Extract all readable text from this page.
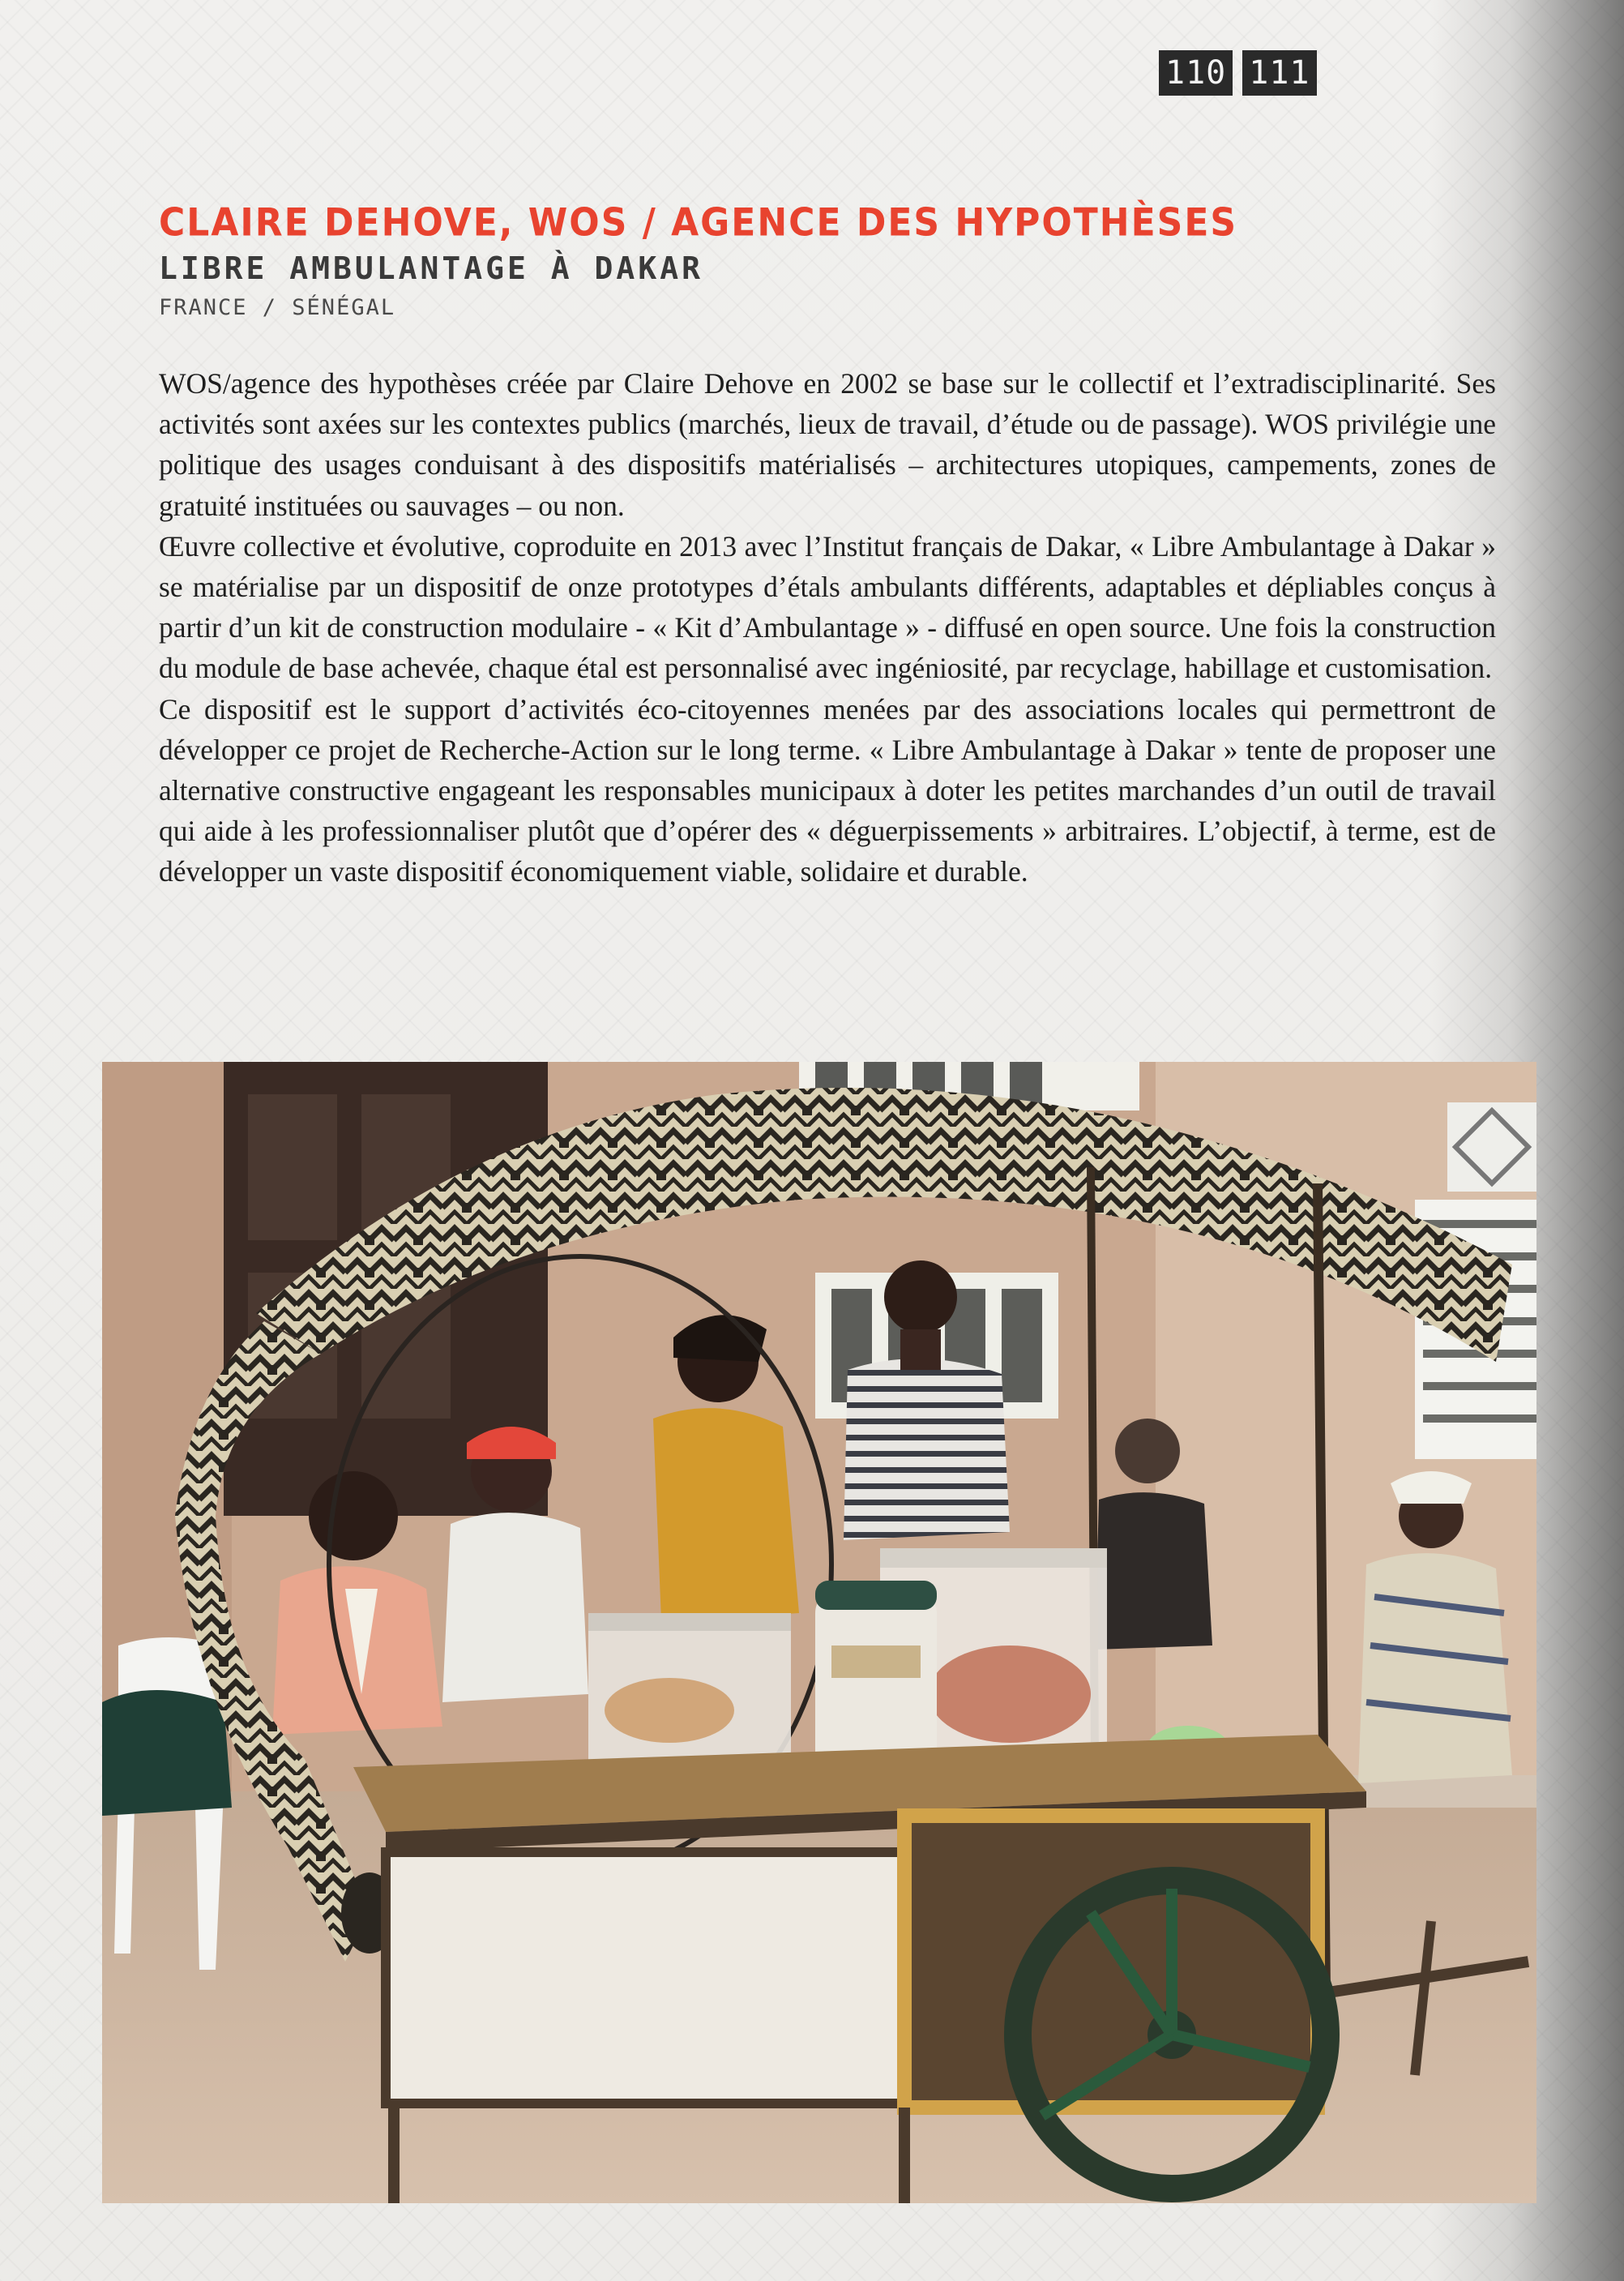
110 111
CLAIRE DEHOVE, WOS / AGENCE DES HYPOTHÈSES
LIBRE AMBULANTAGE À DAKAR
FRANCE / SÉNÉGAL

WOS/agence des hypothèses créée par Claire Dehove en 2002 se base sur le collectif et l’extradisciplinarité. Ses activités sont axées sur les contextes publics (marchés, lieux de travail, d’étude ou de passage). WOS privilégie une politique des usages conduisant à des dispositifs matérialisés – architectures utopiques, campements, zones de gratuité instituées ou sauvages – ou non.

Œuvre collective et évolutive, coproduite en 2013 avec l’Institut français de Dakar, « Libre Ambulantage à Dakar » se matérialise par un dispositif de onze prototypes d’étals ambulants différents, adaptables et dépliables conçus à partir d’un kit de construction modulaire - « Kit d’Ambulantage » - diffusé en open source. Une fois la construction du module de base achevée, chaque étal est personnalisé avec ingéniosité, par recyclage, habillage et customisation.

Ce dispositif est le support d’activités éco-citoyennes menées par des associations locales qui permettront de développer ce projet de Recherche-Action sur le long terme. « Libre Ambulantage à Dakar » tente de proposer une alternative constructive engageant les responsables municipaux à doter les petites marchandes d’un outil de travail qui aide à les professionnaliser plutôt que d’opérer des « déguerpissements » arbitraires. L’objectif, à terme, est de développer un vaste dispositif économiquement viable, solidaire et durable.
